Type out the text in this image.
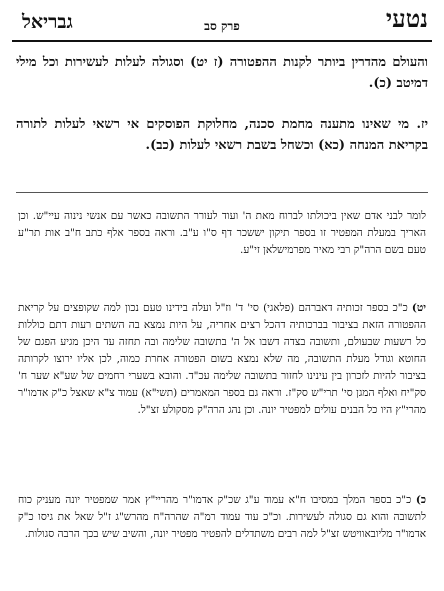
נטעי
פרק סב
גבריאל
והעולם מהדרין ביותר לקנות ההפטורה (ז יט) וסגולה לעלות לעשירות וכל מילי דמיטב (כ).
יז. מי שאינו מתענה מחמת סכנה, מחלוקת הפוסקים אי רשאי לעלות לתורה בקריאת המנחה (כא) וכשחל בשבת רשאי לעלות (כב).
לומר לבני אדם שאין ביכולתו לברוח מאת ה' ועוד לעורר התשובה כאשר עם אנשי נינוה עיי"ש. וכן האריך במעלת המפטיר זו בספר תיקון יששכר דף ס"ו ע"ב. וראה בספר אלף כתב ח"ב אות תר"ע טעם בשם הרה"ק רבי מאיר מפרמישלאן זי"ע.
יט) כ"כ בספר זכותיה דאברהם (פלאגי) סי' ד' וז"ל ועלה בידינו טעם נכון למה שקופצים על קריאת ההפטורה הזאת בציבור בברכותיה דהכל רצים אחריה, על היות נמצא בה השתים רעות דתם כוללות כל רשעות שבעולם, ותשובה בצדה דשבו אל ה' בתשובה שלימה ובה תחזה עד היכן מגיע הפגם של החוטא וגודל מעלת התשובה, מה שלא נמצא בשום הפטורה אחרת כמוה, לכן אליו ירוצו לקרותה בציבור להיות לזכרון בין עינינו לחזור בתשובה שלימה עכ"ד. והובא בשערי רחמים של שע"א שער ח' סק"יח ואלף המגן סי' תרי"ש סק"ז. וראה גם בספר המאמרים (תשי"א) עמוד צ"א שאצל כ"ק אדמו"ר מהרי"ץ היו כל הבנים עולים למפטיר יונה. וכן נהג הרה"ק מסקולע זצ"ל.
כ) כ"כ בספר המלך במסיבו ח"א עמוד ע"ג שכ"ק אדמו"ר מהריי"ץ אמר שמפטיר יונה מעניק כוח לתשובה והוא גם סגולה לעשירות. וכ"כ עוד עמוד רמ"ה שהרה"ח מהרש"ג ז"ל שאל את גיסו כ"ק אדמו"ר מליובאוויטש זצ"ל למה רבים משתדלים להפטיר מפטיר יונה, והשיב שיש בכך הרבה סגולות.
